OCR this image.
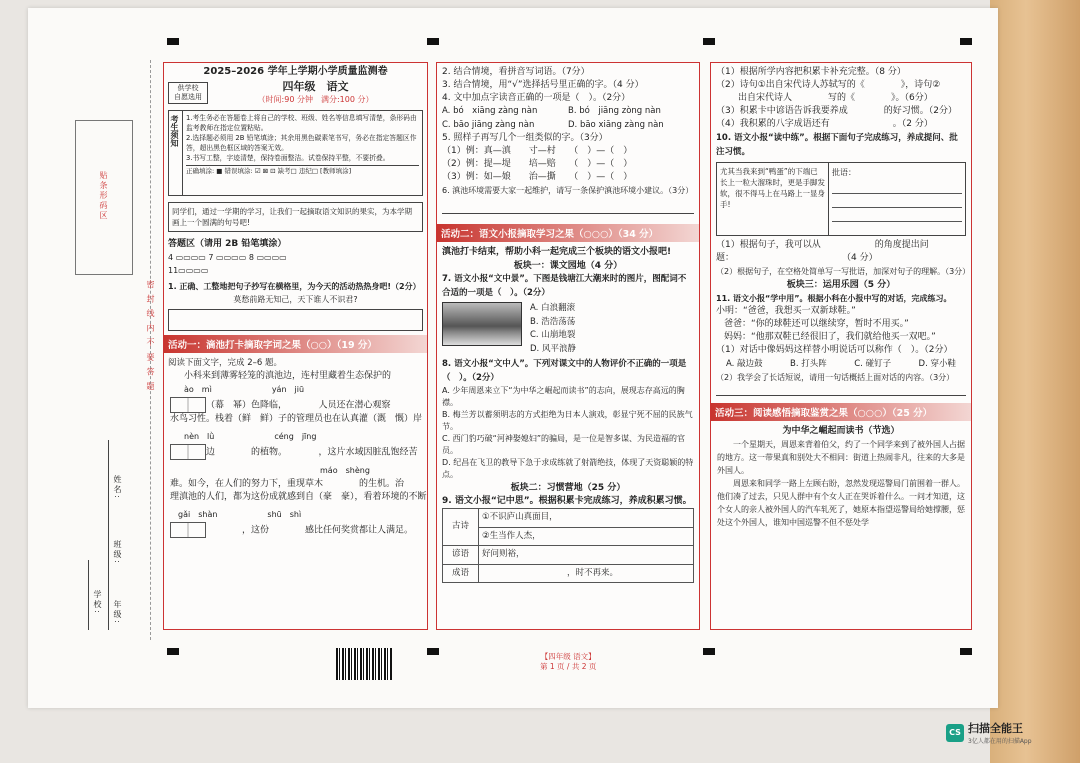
贴条形码区
密 封 线 内 不 要 答 题
姓名:
班级:
学校: 年级:
2025–2026 学年上学期小学质量监测卷
供学校
自愿选用
四年级　语文
（时间:90 分钟　满分:100 分）
考生须知	1.考生务必在答题卷上将自己的学校、班级、姓名等信息填写清楚，条形码由监考教师在指定位置粘贴。
2.选择题必须用 2B 铅笔填涂；其余用黑色碳素笔书写，务必在指定答题区作答，超出黑色框区域的答案无效。
3.书写工整，字迹清楚，保持卷面整洁。试卷保持平整，不要折叠。
正确填涂: ■ 错误填涂: ☑ ⊠ ⊡ 缺考□ 违纪□ [教师填涂]
同学们，通过一学期的学习，让我们一起摘取语文知识的果实，为本学期画上一个圆满的句号吧!
答题区（请用 2B 铅笔填涂）
4 ▭▭▭▭ 7 ▭▭▭▭ 8 ▭▭▭▭
11▭▭▭▭
1. 正确、工整地把句子抄写在横格里，为今天的活动热热身吧!（2分）
莫愁前路无知己，天下谁人不识君?
活动一：滴池打卡摘取字词之果（○○）（19 分）
阅读下面文字，完成 2–6 题。
小科来到薄雾轻笼的滇池边，连村里藏着生态保护的
ào　mì	yán　jiū
（幕　幂）色降临，　　　　人员还在潜心观察
水鸟习性。栈着（鲜　鲜）子的管理员也在认真灌（溉　慨）岸
nèn　lǜ	céng　jīng
边　　　　的植物。　　　　，这片水域因脏乱饱经苦
máo　shèng
难。如今，在人们的努力下，重现草木　　　　的生机。治
理滇池的人们，都为这份成就感到自（豪　豪），看着环境的不断
gǎi　shàn	shū　shì
　　　　，这份　　　　感比任何奖赏都让人满足。
2. 结合情境，看拼音写词语。（7分）
3. 结合情境，用“√”选择括号里正确的字。（4 分）
4. 文中加点字读音正确的一项是（　）。（2分）
A. bó　xiāng zàng nàn	B. bó　jiāng zòng nàn
C. bāo jiāng zàng nàn	D. bāo xiāng zàng nàn
5. 照样子再写几个一组类似的字。（3分）
（1）例：真—滇　　寸—村　　（　）—（　）
（2）例：提—堤　　培—赔　　（　）—（　）
（3）例：如—娘　　治—撕　　（　）—（　）
6. 滇池环境需要大家一起维护，请写一条保护滇池环境小建议。（3分）
活动二：语文小报摘取学习之果（○○○）（34 分）
滇池打卡结束，帮助小科一起完成三个板块的语文小报吧!
板块一：课文园地（4 分）
7. 语文小报“文中景”。下图是钱塘江大潮来时的图片，图配词不合适的一项是（　）。（2分）
A. 白浪翻滚
B. 浩浩荡荡
C. 山崩地裂
D. 风平浪静
8. 语文小报“文中人”。下列对课文中的人物评价不正确的一项是（　）。（2分）
A. 少年周恩来立下“为中华之崛起而读书”的志向，展现志存高远的胸襟。
B. 梅兰芳以蓄须明志的方式拒绝为日本人演戏，彰显宁死不屈的民族气节。
C. 西门豹巧破“河神娶媳妇”的骗局，是一位是智多谋、为民造福的官员。
D. 纪昌在飞卫的教导下急于求成练就了射箭绝技，体现了天资聪颖的特点。
板块二：习惯营地（25 分）
9. 语文小报“记中思”。根据积累卡完成练习，养成积累习惯。
古诗	①不识庐山真面目，
	②生当作人杰，
谚语	好问则裕，
成语	　　　　　　　　　　，时不再来。
【四年级 语文】
第 1 页 / 共 2 页
（1）根据所学内容把积累卡补充完整。（8 分）
（2）诗句①出自宋代诗人苏轼写的《　　　　》，诗句②
出自宋代诗人　　　　写的《　　　　》。（6分）
（3）积累卡中谚语告诉我要养成　　　　的好习惯。（2分）
（4）我积累的八字成语还有　　　　　　　。（2 分）
10. 语文小报“读中练”。根据下面句子完成练习，养成提问、批注习惯。
尤其当我来到“鸭蛋”的下端已长上一粒大溜珠时，更是手脚发软，很不得马上在马路上一显身手!
批语：
（1）根据句子，我可以从　　　　　　的角度提出问
题：　　　　　　　　　　　　　（4 分）
（2）根据句子，在空格处简单写一写批语，加深对句子的理解。（3分）
板块三：运用乐园（5 分）
11. 语文小报“学中用”。根据小科在小报中写的对话，完成练习。
小明：“爸爸，我想买一双新球鞋。”
爸爸：“你的球鞋还可以继续穿，暂时不用买。”
妈妈：“他那双鞋已经很旧了，我们就给他买一双吧。”
（1）对话中像妈妈这样替小明说话可以称作（　）。（2分）
A. 敲边鼓	B. 打头阵	C. 碰钉子	D. 穿小鞋
（2）我学会了长话短说，请用一句话概括上面对话的内容。（3分）
活动三：阅读感悟摘取鉴赏之果（○○○）（25 分）
为中华之崛起而读书（节选）
一个星期天，周恩来背着伯父，约了一个同学来到了被外国人占据的地方。这一带果真和别处大不相同：街道上热闹非凡，往来的大多是外国人。
周恩来和同学一路上左顾右盼，忽然发现巡警局门前围着一群人。他们凑了过去，只见人群中有个女人正在哭诉着什么。一问才知道，这个女人的亲人被外国人的汽车轧死了，她原本指望巡警局给她撑腰，惩处这个外国人，谁知中国巡警不但不惩处学
CS 扫描全能王
3亿人都在用的扫描App
